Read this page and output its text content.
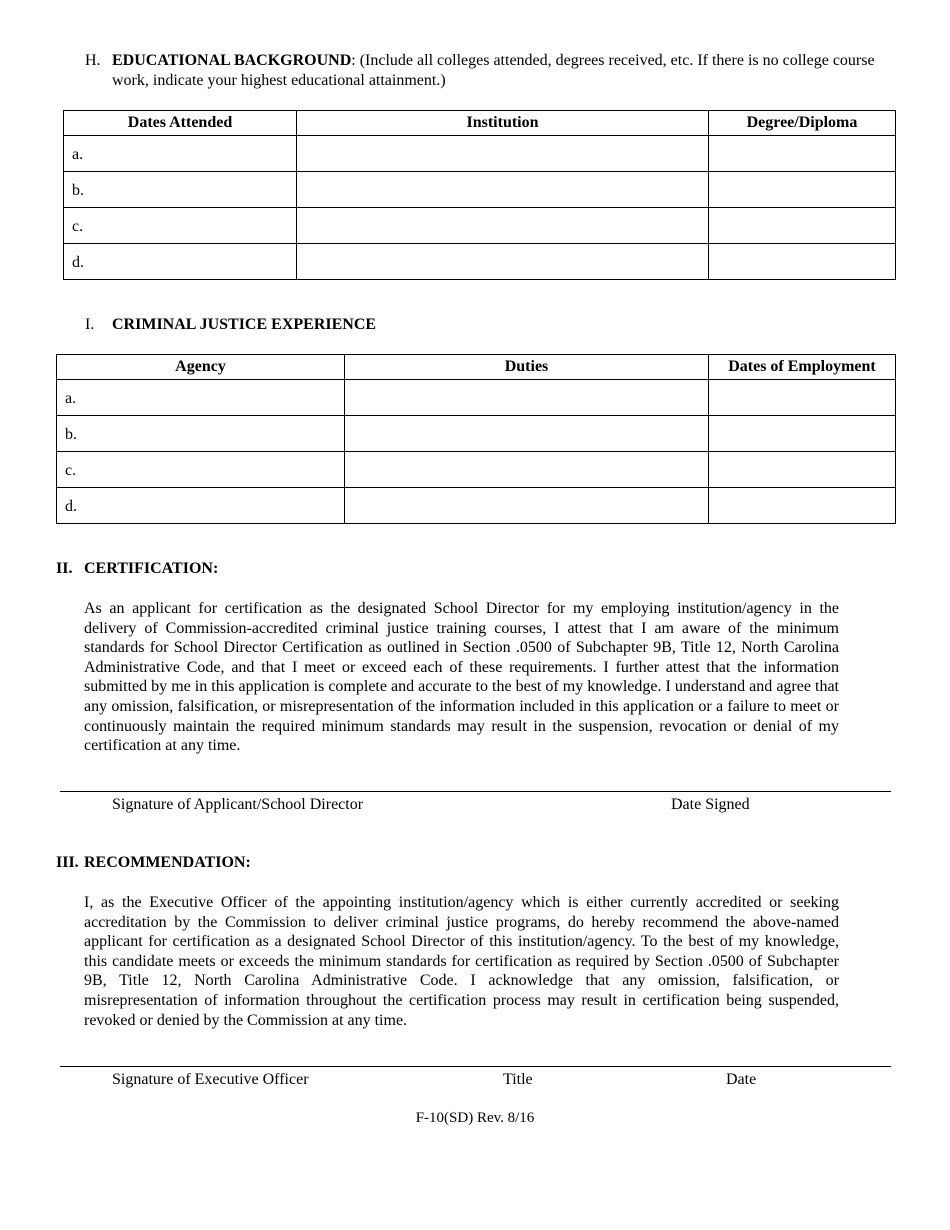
H. EDUCATIONAL BACKGROUND: (Include all colleges attended, degrees received, etc. If there is no college course work, indicate your highest educational attainment.)
Dates Attended	Institution	Degree/Diploma
a.		
b.		
c.		
d.		
I. CRIMINAL JUSTICE EXPERIENCE
Agency	Duties	Dates of Employment
a.		
b.		
c.		
d.		
II. CERTIFICATION:
As an applicant for certification as the designated School Director for my employing institution/agency in the delivery of Commission-accredited criminal justice training courses, I attest that I am aware of the minimum standards for School Director Certification as outlined in Section .0500 of Subchapter 9B, Title 12, North Carolina Administrative Code, and that I meet or exceed each of these requirements. I further attest that the information submitted by me in this application is complete and accurate to the best of my knowledge. I understand and agree that any omission, falsification, or misrepresentation of the information included in this application or a failure to meet or continuously maintain the required minimum standards may result in the suspension, revocation or denial of my certification at any time.
Signature of Applicant/School Director	Date Signed
III. RECOMMENDATION:
I, as the Executive Officer of the appointing institution/agency which is either currently accredited or seeking accreditation by the Commission to deliver criminal justice programs, do hereby recommend the above-named applicant for certification as a designated School Director of this institution/agency. To the best of my knowledge, this candidate meets or exceeds the minimum standards for certification as required by Section .0500 of Subchapter 9B, Title 12, North Carolina Administrative Code. I acknowledge that any omission, falsification, or misrepresentation of information throughout the certification process may result in certification being suspended, revoked or denied by the Commission at any time.
Signature of Executive Officer	Title	Date
F-10(SD) Rev. 8/16
